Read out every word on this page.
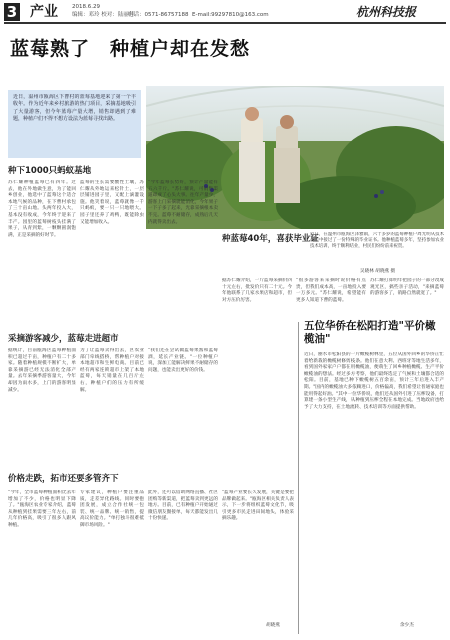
3 产业	2018.6.29
编辑：邓玲 校对：陆丽萍
电话：0571-86757188 E-mail:99297810@163.com	杭州科技报
蓝莓熟了　种植户却在发愁
近日，温州市瓯海区下曹村的蓝莓基地迎来了第一个丰收年。作为近年来乡村旅游的热门项目，采摘基地吸引了大量游客，但今年蓝莓产量大增，销售却遇到了难题，种植户们不得不想方设法为蓝莓寻找出路。
种下1000只蚂蚁基地
苏仁耀种植蓝莓已有四年。过去，他在外地做生意，为了能回乡创业，他选中了蓝莓这个适合本地气候的品种，在下曹村承包了三十亩山地。头两年投入大，基本没有收成，今年终于迎来了丰产。园里的蓝莓树枝头挂满了果子，从青到紫，一颗颗圆润饱满，正是采摘的好时节。
蓝莓的生长需要酸性土壤，苏仁耀从外地运来松针土，一层层铺进园子里，又配上滴灌设施。他笑着说，蓝莓就像一千只蚂蚁，要一只一只地喂大。园子里还养了鸡鸭，既能除虫又能增加收入。
"今年蓝莓长势好，预计产量能有五六千斤。"苏仁耀说，可销售渠道却成了心头大事。往年产量少，游客上门采摘就能消化，今年果子一下子多了起来，光靠采摘根本卖不完。蓝莓不耐储存，成熟后几天内就得卖出去。
种蓝莓40年，喜获毕业证
近日，在温州市瓯海区泽雅镇，六十多岁的蓝莓种植户周光明从技术员手中接过了一份特殊的毕业证书。他种植蓝莓多年，坚持参加农业技术培训，终于顺利结业，村民们纷纷前来祝贺。
吴晓林 胡晓燕 摄
据苏仁耀介绍，一斤蓝莓采摘价四十元左右，批发价只有二十元。今年他联系了几家水果店和超市，但对方压价厉害。
"很多游客来采摘时说价格有点贵，但我们成本高，一亩地投入要一万多元。"苏仁耀说，希望能有更多人知道下曹的蓝莓。
苏仁耀打算明年把园子的一部分改成观光区，搞些亲子活动，"来摘蓝莓的游客多了，销路自然就宽了。"
采摘游客减少，蓝莓走进超市
据统计，目前瓯海区蓝莓种植面积已超过千亩，种植户有二十多家。随着种植规模不断扩大，单靠采摘游已经无法消化全部产量。去年采摘季游客量大，今年却因为雨水多，上门的游客明显减少。
为了让蓝莓卖得出去，区农业部门牵线搭桥，帮种植户对接本地超市和生鲜电商。目前已经有两家连锁超市上架了本地蓝莓，每天销量在几百斤左右，种植户们的压力有所缓解。
"我们还在尝试做蓝莓果酱和蓝莓酒，延长产业链。"一位种植户说，深加工能解决鲜果不耐储存的问题，也能卖出更好的价钱。
价格走跌，拓市还要多管齐下
"今年，全市蓝莓种植面积比去年增加了不少，价格也明显下降了。"瓯海区农业专家介绍，蓝莓从种植到挂果需要三年左右，前几年价格高，吸引了很多人跟风种植。
专家建议，种植户要注重品质，走差异化路线。同时要抱团发展，成立合作社统一包装、统一品牌、统一销售，提高议价能力。"单打独斗很难抵御市场风险。"
此外，还可以借助网络直播、社区团购等新渠道，把蓝莓卖到更远的地方。目前，已有种植户开始通过微信朋友圈接单，每天都能发出几十份快递。
"蓝莓产业要长久发展，关键是要把品牌做起来。"瓯海区相关负责人表示，下一步将组织蓝莓文化节，吸引更多市民走进田间地头，体验采摘乐趣。
胡晓燕
五位华侨在松阳打造"平价橄榄油"
近日，丽水市松阳县的一片橄榄树林里，五位从国外回乡的华侨正忙着给新栽的橄榄树修剪枝条。他们在意大利、西班牙等地生活多年，看到国外家家户户都在用橄榄油，便萌生了回乡种植橄榄、生产平价橄榄油的想法。经过多方考察，他们最终选定了气候和土壤都合适的松阳。目前，基地已种下橄榄树五百余亩，预计三年后进入丰产期。"国内的橄榄油大多依赖进口，价格偏高，我们希望让普通家庭也能用得起好油。"其中一位华侨说，他们还从国外引进了压榨设备，打算建一条小型生产线，从种植到压榨全程在本地完成。当地政府也给予了大力支持，在土地流转、技术培训等方面提供帮助。
余少杰
